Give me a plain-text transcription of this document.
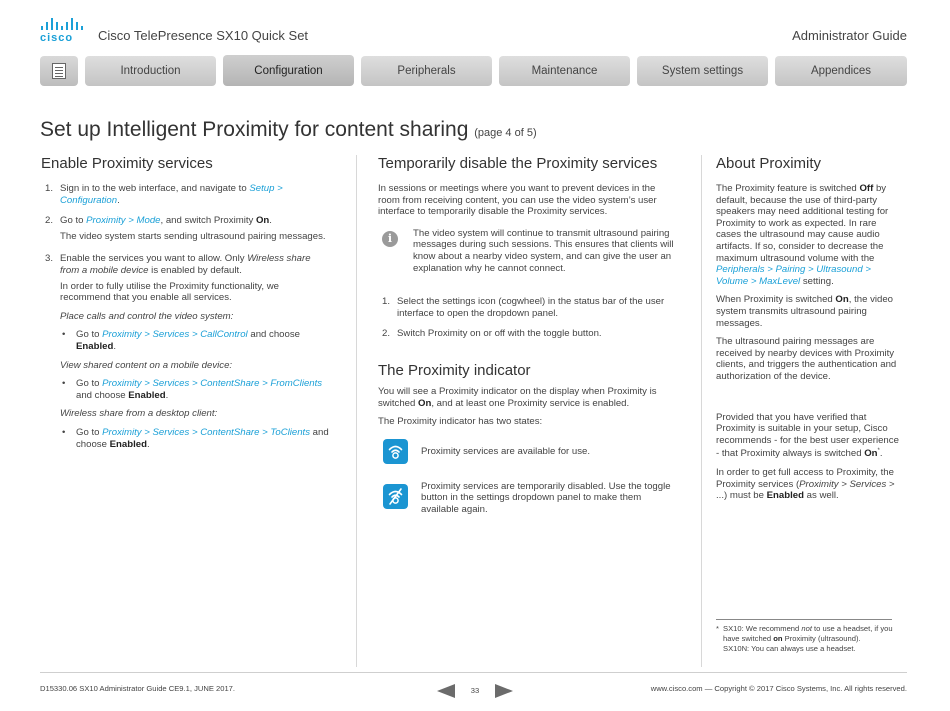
cisco	Cisco TelePresence SX10 Quick Set	Administrator Guide
Introduction	Configuration	Peripherals	Maintenance	System settings	Appendices
Set up Intelligent Proximity for content sharing (page 4 of 5)
Enable Proximity services
1. Sign in to the web interface, and navigate to Setup > Configuration.
2. Go to Proximity > Mode, and switch Proximity On.

The video system starts sending ultrasound pairing messages.

3. Enable the services you want to allow. Only Wireless share from a mobile device is enabled by default.

In order to fully utilise the Proximity functionality, we recommend that you enable all services.

Place calls and control the video system:

• Go to Proximity > Services > CallControl and choose Enabled.

View shared content on a mobile device:

• Go to Proximity > Services > ContentShare > FromClients and choose Enabled.

Wireless share from a desktop client:

• Go to Proximity > Services > ContentShare > ToClients and choose Enabled.
Temporarily disable the Proximity services

In sessions or meetings where you want to prevent devices in the room from receiving content, you can use the video system’s user interface to temporarily disable the Proximity services.

i	The video system will continue to transmit ultrasound pairing messages during such sessions. This ensures that clients will know about a nearby video system, and can give the user an explanation why he cannot connect.
1. Select the settings icon (cogwheel) in the status bar of the user interface to open the dropdown panel.
2. Switch Proximity on or off with the toggle button.
The Proximity indicator

You will see a Proximity indicator on the display when Proximity is switched On, and at least one Proximity service is enabled.

The Proximity indicator has two states:

Proximity services are available for use.
Proximity services are temporarily disabled. Use the toggle button in the settings dropdown panel to make them available again.
About Proximity

The Proximity feature is switched Off by default, because the use of third-party speakers may need additional testing for Proximity to work as expected. In rare cases the ultrasound may cause audio artifacts. If so, consider to decrease the maximum ultrasound volume with the Peripherals > Pairing > Ultrasound > Volume > MaxLevel setting.

When Proximity is switched On, the video system transmits ultrasound pairing messages.

The ultrasound pairing messages are received by nearby devices with Proximity clients, and triggers the authentication and authorization of the device.

Provided that you have verified that Proximity is suitable in your setup, Cisco recommends - for the best user experience - that Proximity always is switched On*.

In order to get full access to Proximity, the Proximity services (Proximity > Services > ...) must be Enabled as well.

* SX10: We recommend not to use a headset, if you have switched on Proximity (ultrasound).
SX10N: You can always use a headset.
D15330.06 SX10 Administrator Guide CE9.1, JUNE 2017.	33	www.cisco.com — Copyright © 2017 Cisco Systems, Inc. All rights reserved.
